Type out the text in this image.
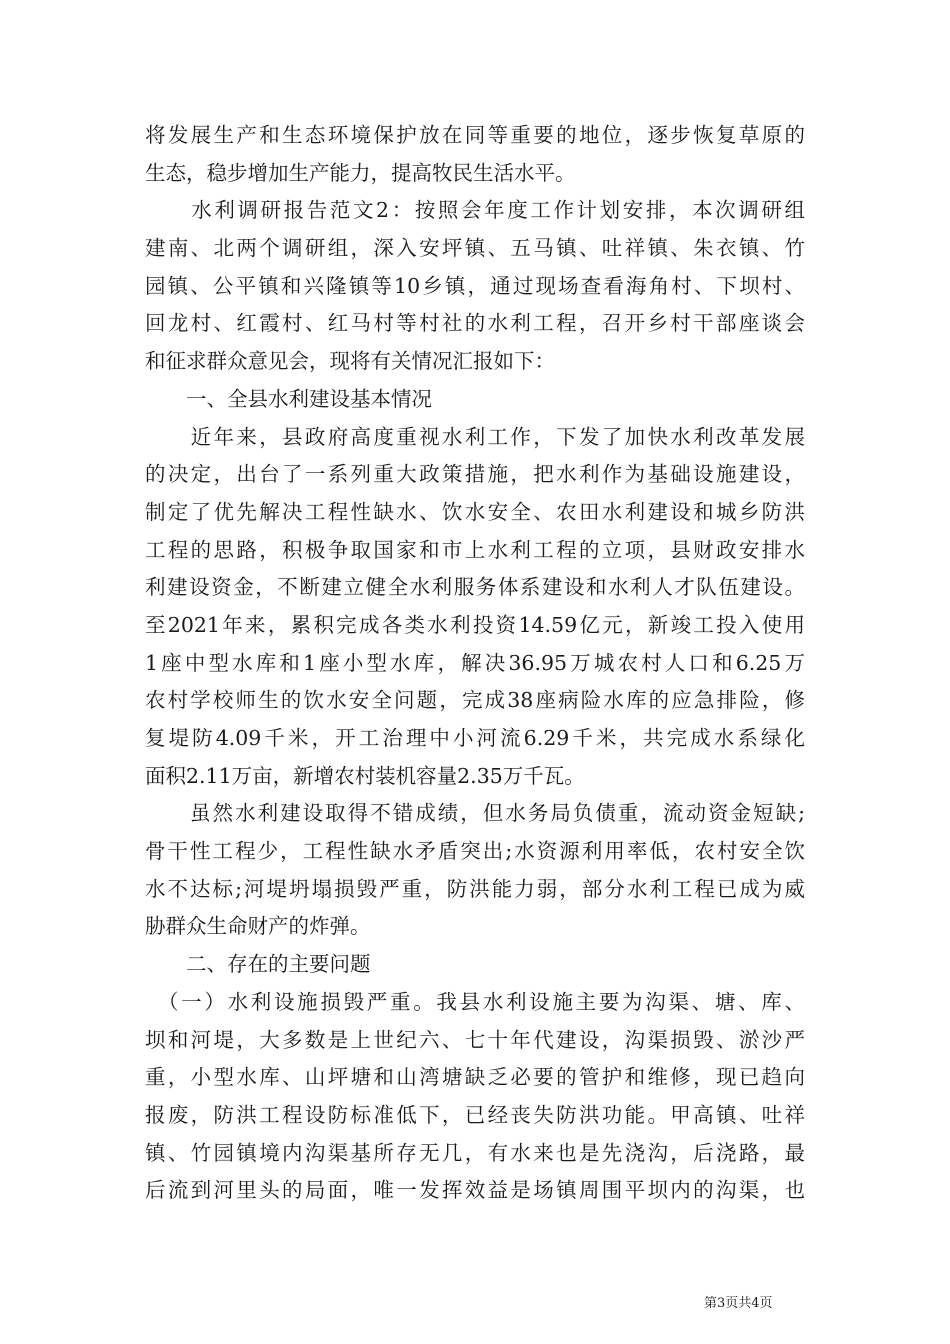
将发展生产和生态环境保护放在同等重要的地位，逐步恢复草原的
生态，稳步增加生产能力，提高牧民生活水平。
　　水利调研报告范文2：按照会年度工作计划安排，本次调研组
建南、北两个调研组，深入安坪镇、五马镇、吐祥镇、朱衣镇、竹
园镇、公平镇和兴隆镇等10乡镇，通过现场查看海角村、下坝村、
回龙村、红霞村、红马村等村社的水利工程，召开乡村干部座谈会
和征求群众意见会，现将有关情况汇报如下：
　　一、全县水利建设基本情况
　　近年来，县政府高度重视水利工作，下发了加快水利改革发展
的决定，出台了一系列重大政策措施，把水利作为基础设施建设，
制定了优先解决工程性缺水、饮水安全、农田水利建设和城乡防洪
工程的思路，积极争取国家和市上水利工程的立项，县财政安排水
利建设资金，不断建立健全水利服务体系建设和水利人才队伍建设。
至2021年来，累积完成各类水利投资14.59亿元，新竣工投入使用
1座中型水库和1座小型水库，解决36.95万城农村人口和6.25万
农村学校师生的饮水安全问题，完成38座病险水库的应急排险，修
复堤防4.09千米，开工治理中小河流6.29千米，共完成水系绿化
面积2.11万亩，新增农村装机容量2.35万千瓦。
　　虽然水利建设取得不错成绩，但水务局负债重，流动资金短缺;
骨干性工程少，工程性缺水矛盾突出;水资源利用率低，农村安全饮
水不达标;河堤坍塌损毁严重，防洪能力弱，部分水利工程已成为威
胁群众生命财产的炸弹。
　　二、存在的主要问题
　（一）水利设施损毁严重。我县水利设施主要为沟渠、塘、库、
坝和河堤，大多数是上世纪六、七十年代建设，沟渠损毁、淤沙严
重，小型水库、山坪塘和山湾塘缺乏必要的管护和维修，现已趋向
报废，防洪工程设防标准低下，已经丧失防洪功能。甲高镇、吐祥
镇、竹园镇境内沟渠基所存无几，有水来也是先浇沟，后浇路，最
后流到河里头的局面，唯一发挥效益是场镇周围平坝内的沟渠，也
第3页共4页
